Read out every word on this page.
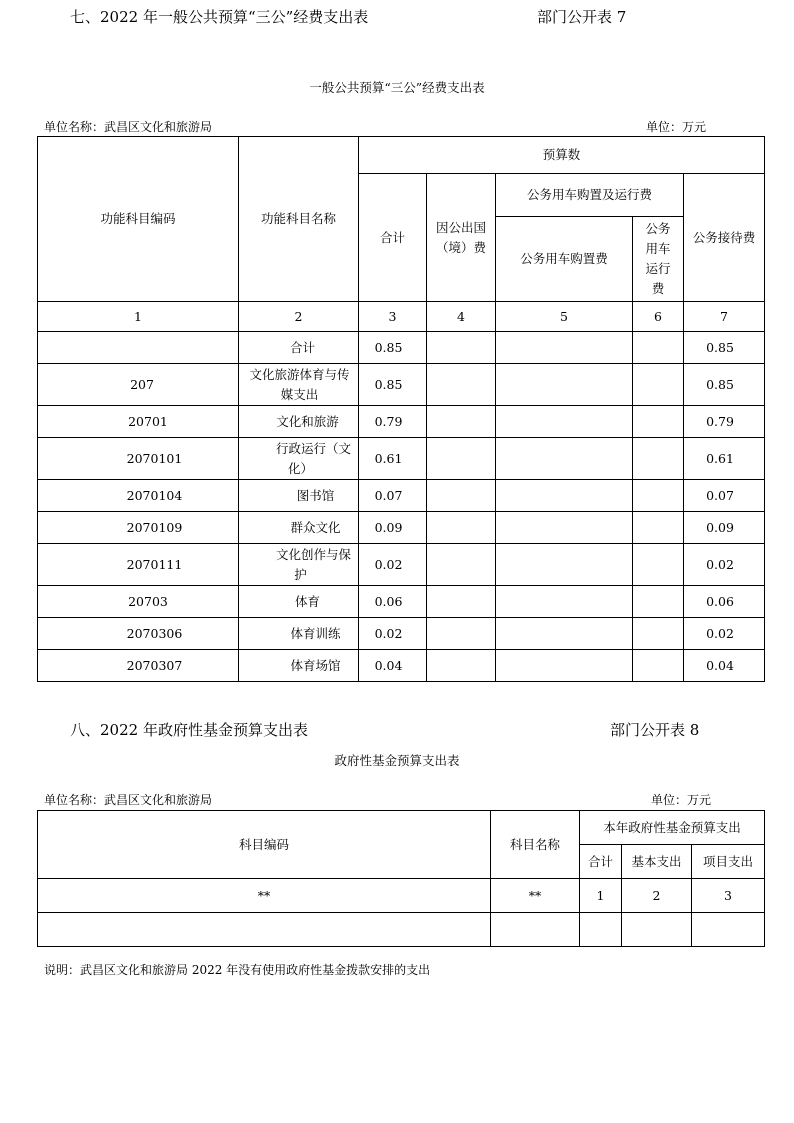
七、2022 年一般公共预算“三公”经费支出表	部门公开表 7
一般公共预算“三公”经费支出表
单位名称：武昌区文化和旅游局	单位：万元
功能科目编码	功能科目名称	预算数				
		合计	因公出国（境）费	公务用车购置及运行费		公务接待费
				公务用车购置费	公务用车运行费	
1	2	3	4	5	6	7
	合计	0.85				0.85
207	文化旅游体育与传媒支出	0.85				0.85
20701	文化和旅游	0.79				0.79
2070101	行政运行（文化）	0.61				0.61
2070104	图书馆	0.07				0.07
2070109	群众文化	0.09				0.09
2070111	文化创作与保护	0.02				0.02
20703	体育	0.06				0.06
2070306	体育训练	0.02				0.02
2070307	体育场馆	0.04				0.04
八、2022 年政府性基金预算支出表	部门公开表 8
政府性基金预算支出表
单位名称：武昌区文化和旅游局	单位：万元
科目编码	科目名称	本年政府性基金预算支出		
		合计	基本支出	项目支出
**	**	1	2	3

说明：武昌区文化和旅游局 2022 年没有使用政府性基金拨款安排的支出
